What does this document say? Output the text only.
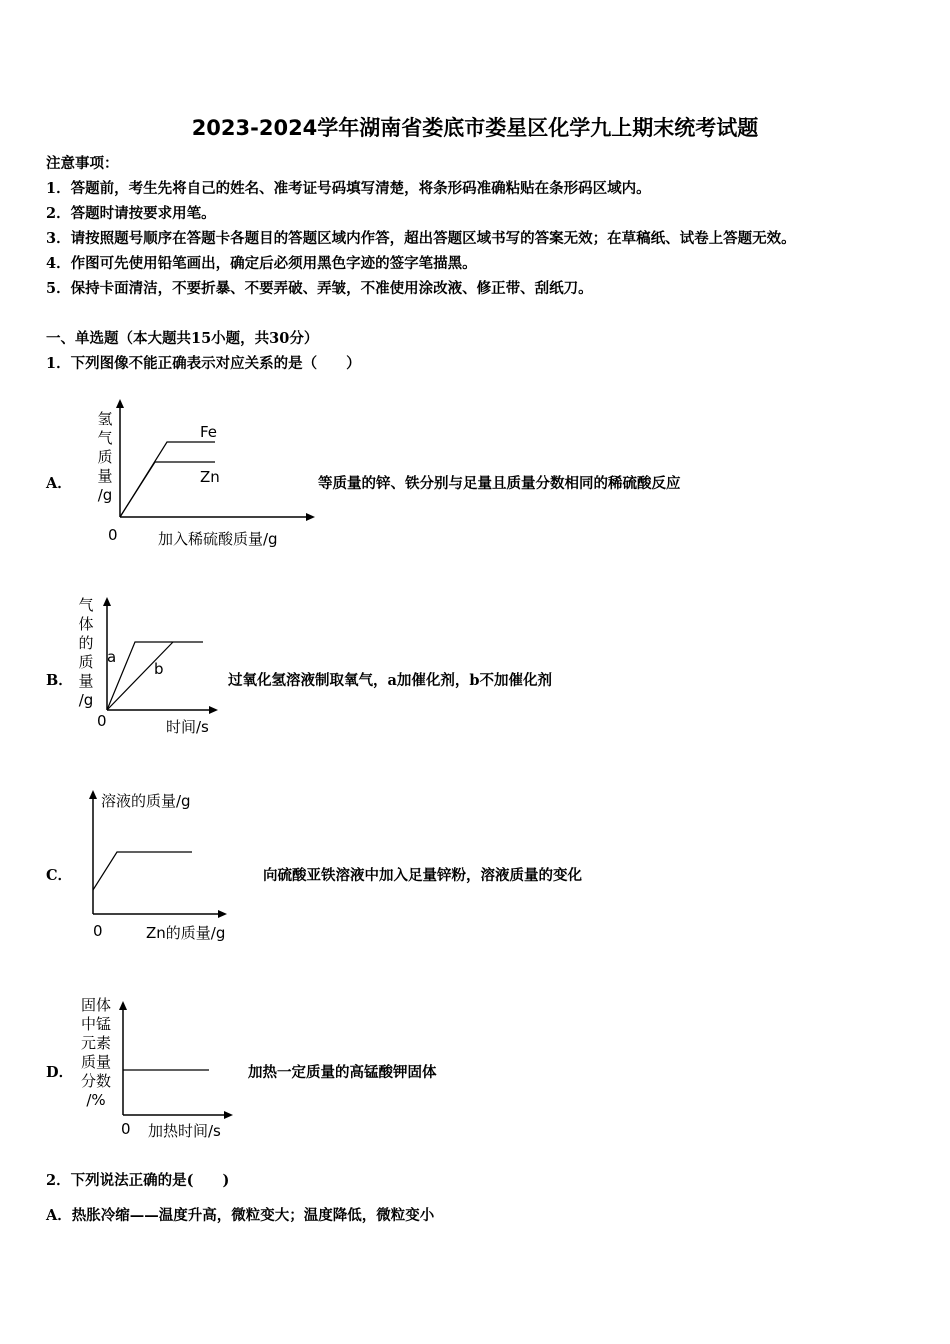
2023-2024学年湖南省娄底市娄星区化学九上期末统考试题
注意事项：
1．答题前，考生先将自己的姓名、准考证号码填写清楚，将条形码准确粘贴在条形码区域内。
2．答题时请按要求用笔。
3．请按照题号顺序在答题卡各题目的答题区域内作答，超出答题区域书写的答案无效；在草稿纸、试卷上答题无效。
4．作图可先使用铅笔画出，确定后必须用黑色字迹的签字笔描黑。
5．保持卡面清洁，不要折暴、不要弄破、弄皱，不准使用涂改液、修正带、刮纸刀。
一、单选题（本大题共15小题，共30分）
1．下列图像不能正确表示对应关系的是（　　）
A．
氢
气
质
量
/g
Fe
Zn
0	加入稀硫酸质量/g
等质量的锌、铁分别与足量且质量分数相同的稀硫酸反应
B．
气
体
的
质
量
/g
a
b
0	时间/s
过氧化氢溶液制取氧气，a加催化剂，b不加催化剂
C．
溶液的质量/g
0	Zn的质量/g
向硫酸亚铁溶液中加入足量锌粉，溶液质量的变化
D．
固体
中锰
元素
质量
分数
/%
0 加热时间/s
加热一定质量的高锰酸钾固体
2．下列说法正确的是(　　)
A．热胀冷缩——温度升高，微粒变大；温度降低，微粒变小
